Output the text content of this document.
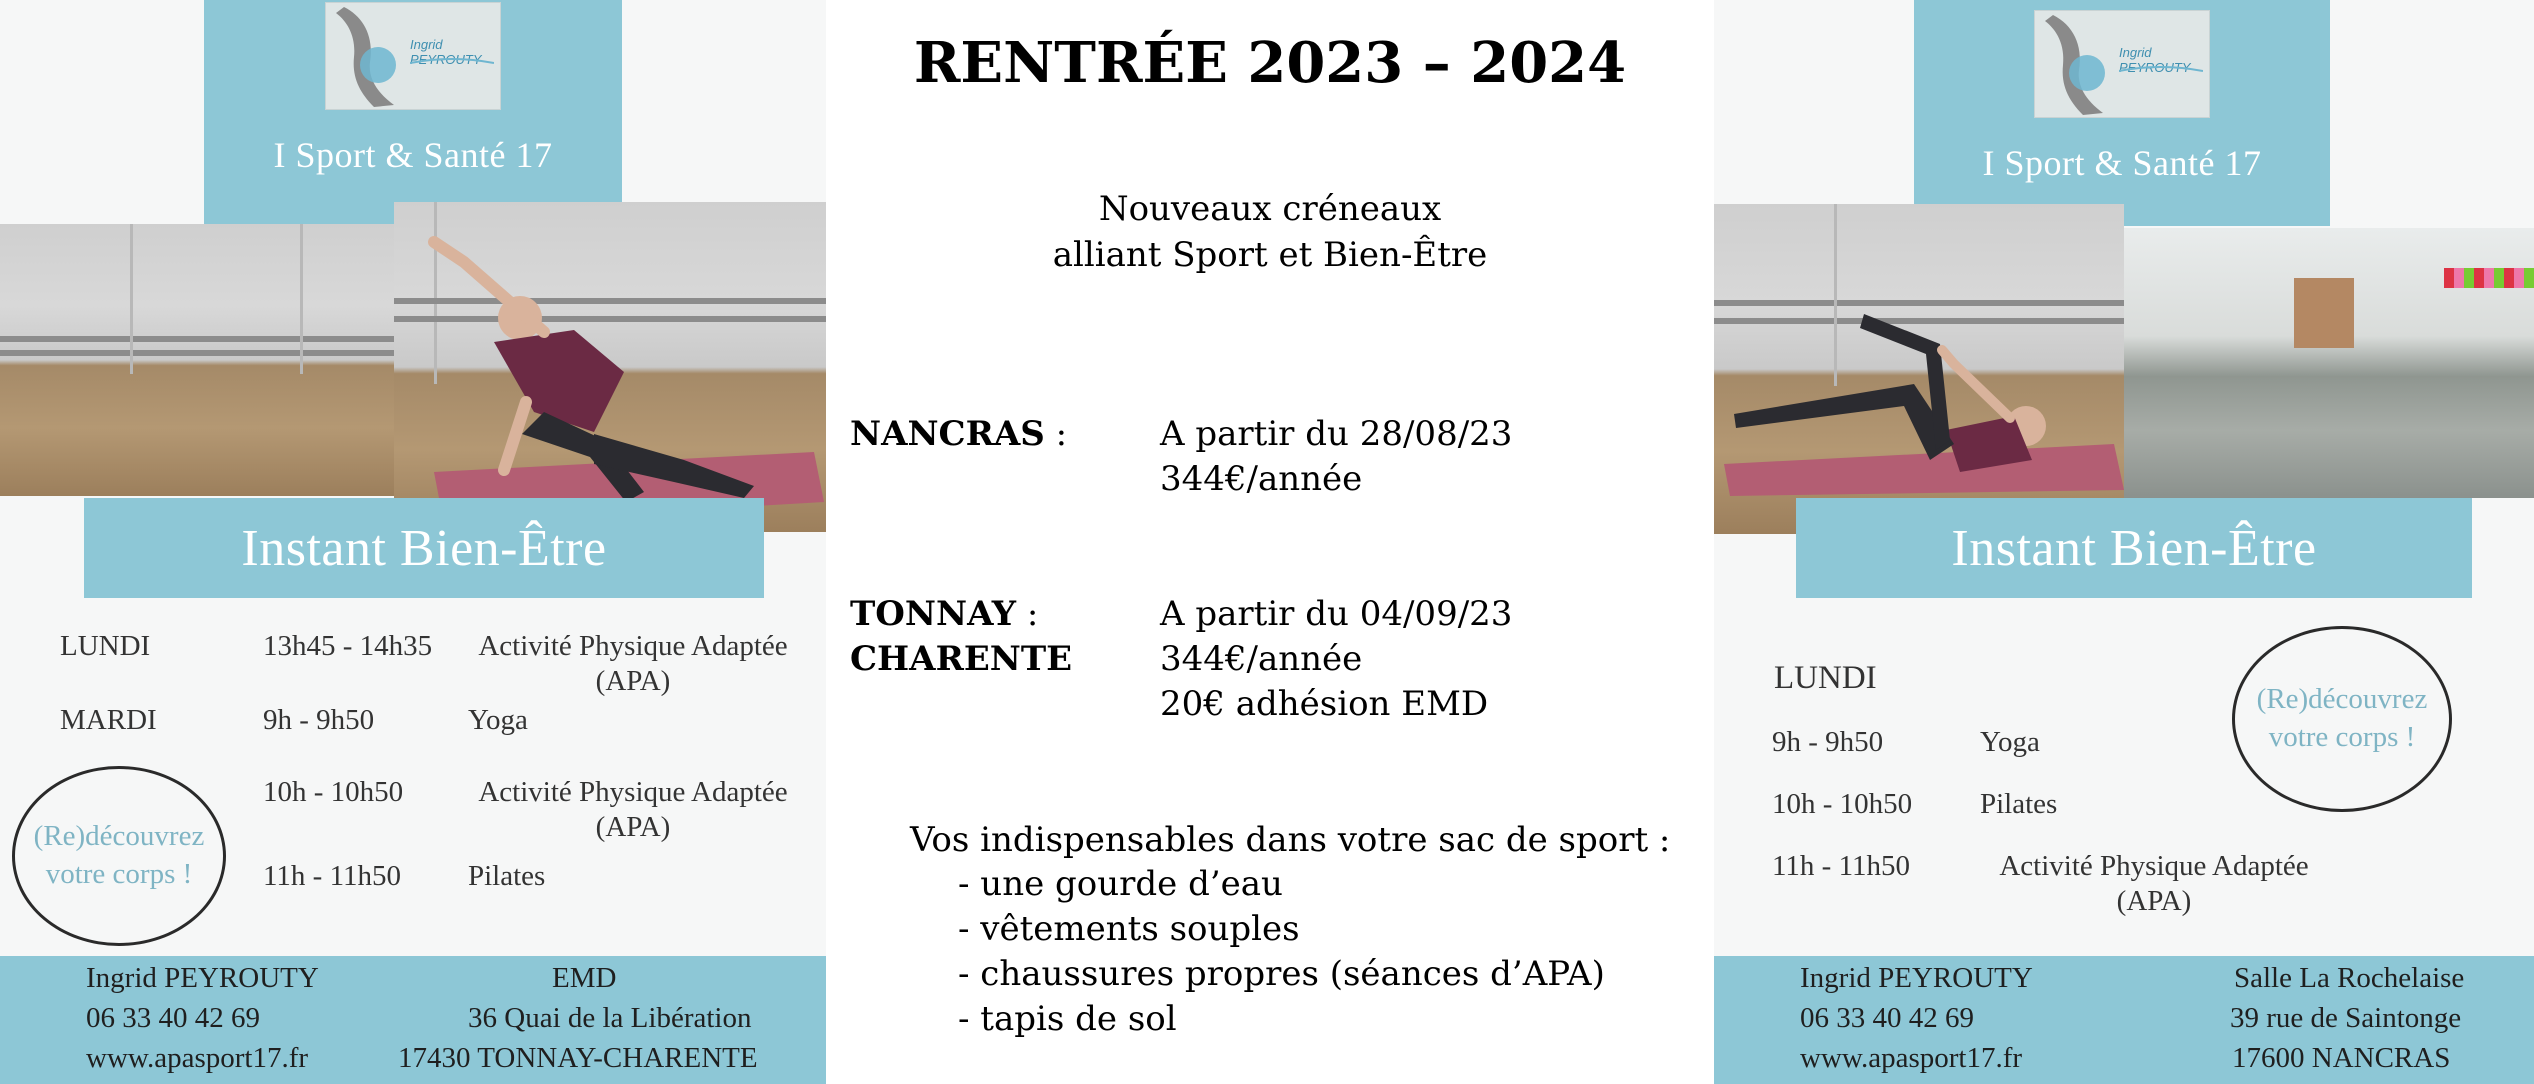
Ingrid PEYROUTY
I Sport & Santé 17
Instant Bien-Être
LUNDI	13h45 - 14h35	Activité Physique Adaptée
(APA)
MARDI	9h - 9h50	Yoga
10h - 10h50	Activité Physique Adaptée
(APA)
11h - 11h50 Pilates
(Re)découvrez
votre corps !
Ingrid PEYROUTY
06 33 40 42 69
www.apasport17.fr
EMD
36 Quai de la Libération
17430 TONNAY-CHARENTE
RENTRÉE 2023 – 2024
Nouveaux créneaux
alliant Sport et Bien-Être
NANCRAS :	A partir du 28/08/23
344€/année
TONNAY :
CHARENTE
A partir du 04/09/23
344€/année
20€ adhésion EMD
Vos indispensables dans votre sac de sport :
- une gourde d’eau
- vêtements souples
- chaussures propres (séances d’APA)
- tapis de sol
Ingrid PEYROUTY
I Sport & Santé 17
Instant Bien-Être
LUNDI
9h - 9h50	Yoga
10h - 10h50 Pilates
11h - 11h50	Activité Physique Adaptée
(APA)
(Re)découvrez
votre corps !
Ingrid PEYROUTY
06 33 40 42 69
www.apasport17.fr
Salle La Rochelaise
39 rue de Saintonge
17600 NANCRAS
